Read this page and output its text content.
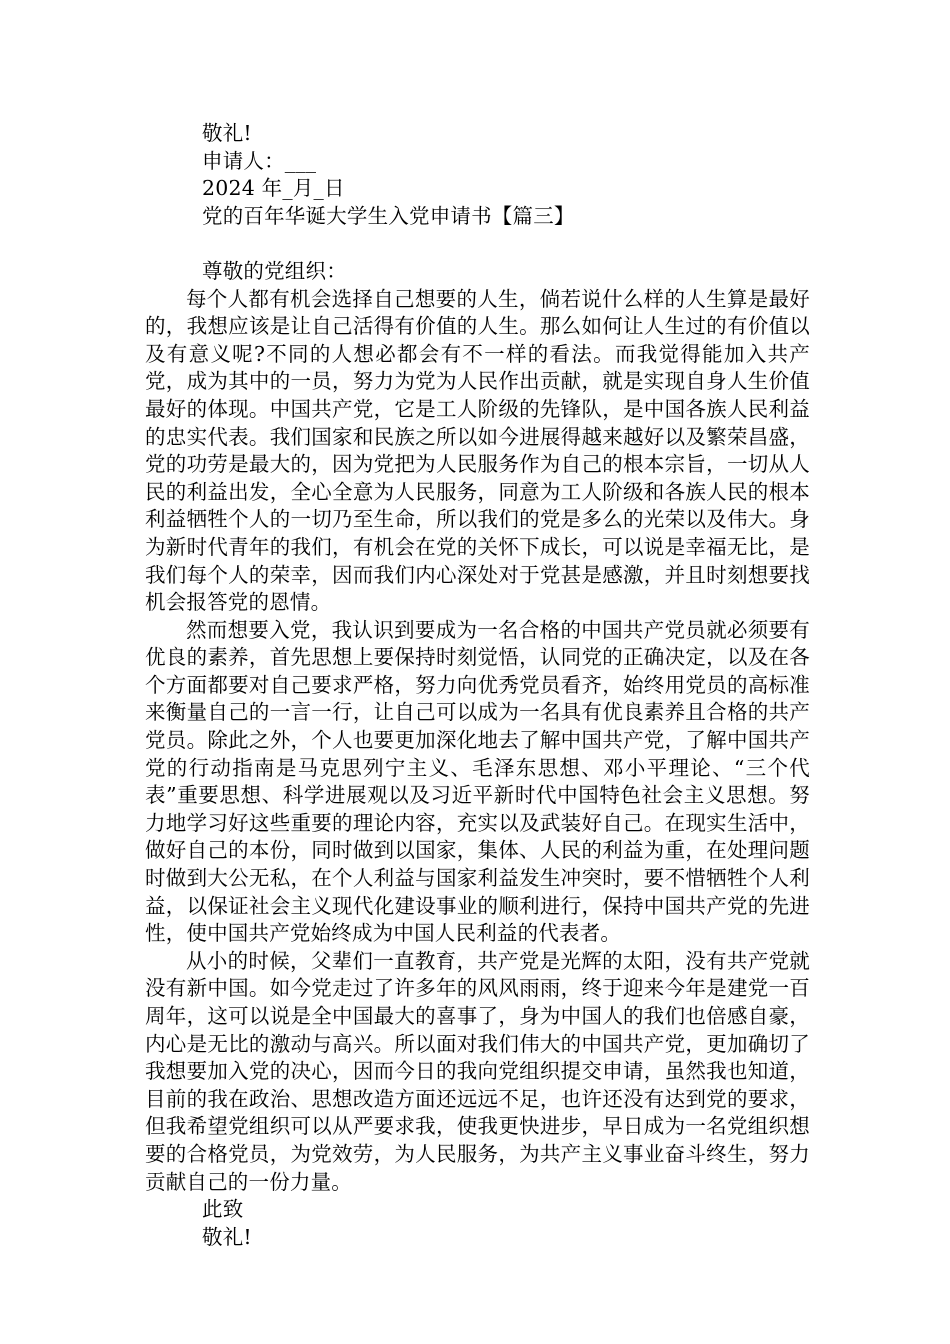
敬礼!
申请人：___
2024 年_月_日
党的百年华诞大学生入党申请书【篇三】
尊敬的党组织：

每个人都有机会选择自己想要的人生，倘若说什么样的人生算是最好的，我想应该是让自己活得有价值的人生。那么如何让人生过的有价值以及有意义呢?不同的人想必都会有不一样的看法。而我觉得能加入共产党，成为其中的一员，努力为党为人民作出贡献，就是实现自身人生价值最好的体现。中国共产党，它是工人阶级的先锋队，是中国各族人民利益的忠实代表。我们国家和民族之所以如今进展得越来越好以及繁荣昌盛，党的功劳是最大的，因为党把为人民服务作为自己的根本宗旨，一切从人民的利益出发，全心全意为人民服务，同意为工人阶级和各族人民的根本利益牺牲个人的一切乃至生命，所以我们的党是多么的光荣以及伟大。身为新时代青年的我们，有机会在党的关怀下成长，可以说是幸福无比，是我们每个人的荣幸，因而我们内心深处对于党甚是感激，并且时刻想要找机会报答党的恩情。

然而想要入党，我认识到要成为一名合格的中国共产党员就必须要有优良的素养，首先思想上要保持时刻觉悟，认同党的正确决定，以及在各个方面都要对自己要求严格，努力向优秀党员看齐，始终用党员的高标准来衡量自己的一言一行，让自己可以成为一名具有优良素养且合格的共产党员。除此之外，个人也要更加深化地去了解中国共产党，了解中国共产党的行动指南是马克思列宁主义、毛泽东思想、邓小平理论、“三个代表”重要思想、科学进展观以及习近平新时代中国特色社会主义思想。努力地学习好这些重要的理论内容，充实以及武装好自己。在现实生活中，做好自己的本份，同时做到以国家，集体、人民的利益为重，在处理问题时做到大公无私，在个人利益与国家利益发生冲突时，要不惜牺牲个人利益，以保证社会主义现代化建设事业的顺利进行，保持中国共产党的先进性，使中国共产党始终成为中国人民利益的代表者。

从小的时候，父辈们一直教育，共产党是光辉的太阳，没有共产党就没有新中国。如今党走过了许多年的风风雨雨，终于迎来今年是建党一百周年，这可以说是全中国最大的喜事了，身为中国人的我们也倍感自豪，内心是无比的激动与高兴。所以面对我们伟大的中国共产党，更加确切了我想要加入党的决心，因而今日的我向党组织提交申请，虽然我也知道，目前的我在政治、思想改造方面还远远不足，也许还没有达到党的要求，但我希望党组织可以从严要求我，使我更快进步，早日成为一名党组织想要的合格党员，为党效劳，为人民服务，为共产主义事业奋斗终生，努力贡献自己的一份力量。

此致
敬礼!
